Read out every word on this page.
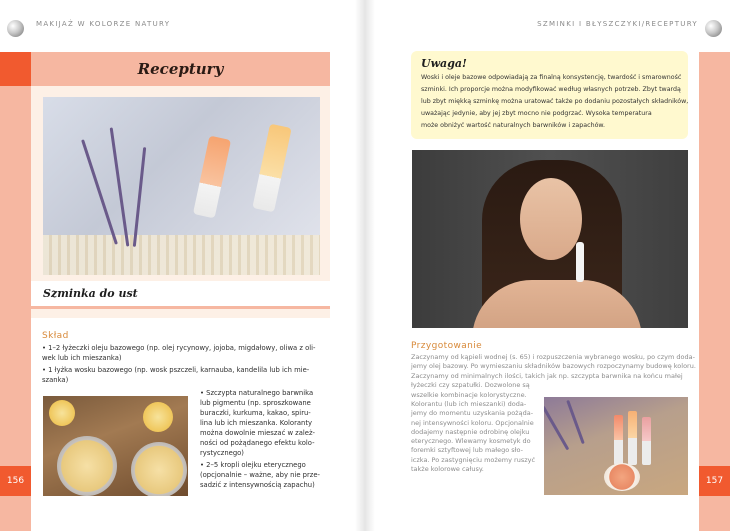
MAKIJAŻ W KOLORZE NATURY
Receptury
Szminka do ust
Skład
• 1–2 łyżeczki oleju bazowego (np. olej rycynowy, jojoba, migdałowy, oliwa z oli-
wek lub ich mieszanka)
• 1 łyżka wosku bazowego (np. wosk pszczeli, karnauba, kandelila lub ich mie-
szanka)
• Szczypta naturalnego barwnika
lub pigmentu (np. sproszkowane
buraczki, kurkuma, kakao, spiru-
lina lub ich mieszanka. Koloranty
można dowolnie mieszać w zależ-
ności od pożądanego efektu kolo-
rystycznego)
• 2–5 kropli olejku eterycznego
(opcjonalnie – ważne, aby nie prze-
sadzić z intensywnością zapachu)
156
SZMINKI I BŁYSZCZYKI/RECEPTURY
Uwaga!
Woski i oleje bazowe odpowiadają za finalną konsystencję, twardość i smarowność
szminki. Ich proporcje można modyfikować według własnych potrzeb. Zbyt twardą
lub zbyt miękką szminkę można uratować także po dodaniu pozostałych składników,
uważając jedynie, aby jej zbyt mocno nie podgrzać. Wysoka temperatura
może obniżyć wartość naturalnych barwników i zapachów.
Przygotowanie
Zaczynamy od kąpieli wodnej (s. 65) i rozpuszczenia wybranego wosku, po czym doda-
jemy olej bazowy. Po wymieszaniu składników bazowych rozpoczynamy budowę koloru.
Zaczynamy od minimalnych ilości, takich jak np. szczypta barwnika na końcu małej
łyżeczki czy szpatułki. Dozwolone są
wszelkie kombinacje kolorystyczne.
Kolorantu (lub ich mieszanki) doda-
jemy do momentu uzyskania pożąda-
nej intensywności koloru. Opcjonalnie
dodajemy następnie odrobinę olejku
eterycznego. Wlewamy kosmetyk do
foremki sztyftowej lub małego sło-
iczka. Po zastygnięciu możemy ruszyć
także kolorowe całusy.
157
